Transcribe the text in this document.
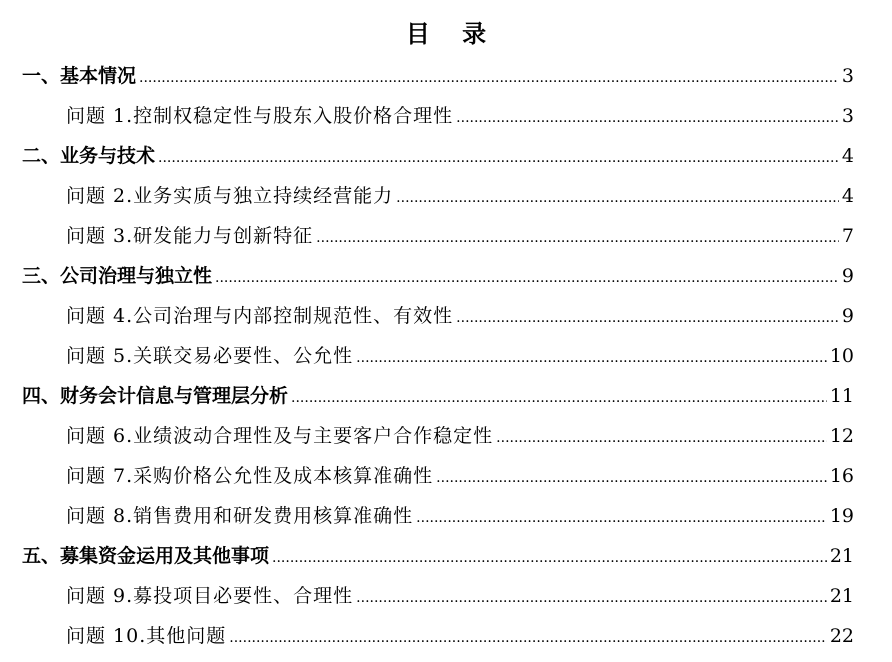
目 录
一、基本情况 .....	3
问题 1.控制权稳定性与股东入股价格合理性 .....	3
二、业务与技术 .....	4
问题 2.业务实质与独立持续经营能力 .....	4
问题 3.研发能力与创新特征 .....	7
三、公司治理与独立性 .....	9
问题 4.公司治理与内部控制规范性、有效性 .....	9
问题 5.关联交易必要性、公允性 .....	10
四、财务会计信息与管理层分析 .....	11
问题 6.业绩波动合理性及与主要客户合作稳定性 .....	12
问题 7.采购价格公允性及成本核算准确性 .....	16
问题 8.销售费用和研发费用核算准确性 .....	19
五、募集资金运用及其他事项 .....	21
问题 9.募投项目必要性、合理性 .....	21
问题 10.其他问题 .....	22
